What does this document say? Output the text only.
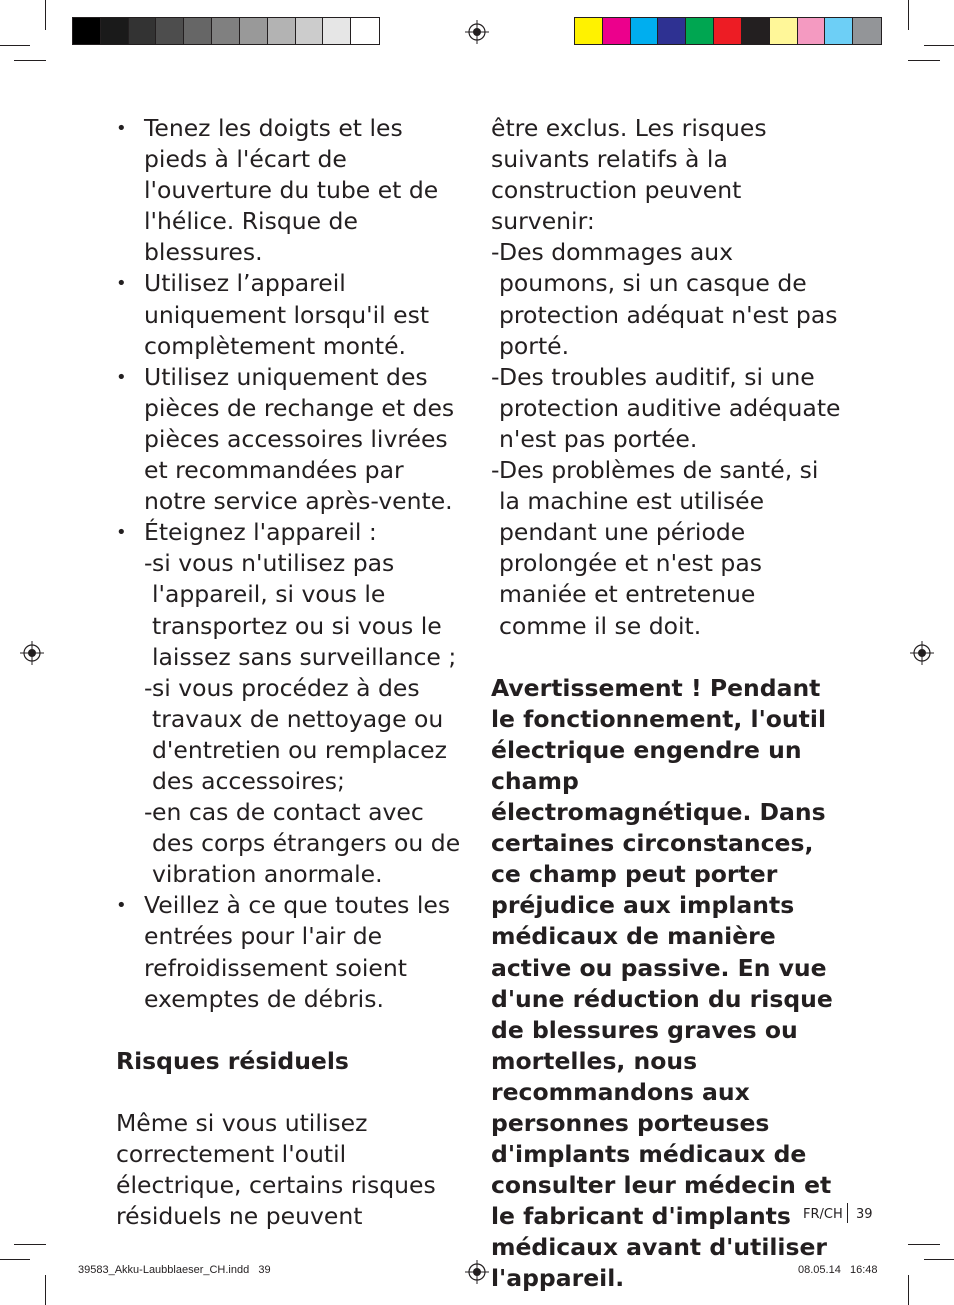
• Tenez les doigts et les pieds à l'écart de l'ouverture du tube et de l'hélice. Risque de blessures.
• Utilisez l’appareil uniquement lorsqu'il est complètement monté.
• Utilisez uniquement des pièces de rechange et des pièces accessoires livrées et recommandées par notre service après-vente.
• Éteignez l'appareil :
- si vous n'utilisez pas l'appareil, si vous le transportez ou si vous le laissez sans surveillance ;
- si vous procédez à des travaux de nettoyage ou d'entretien ou remplacez des accessoires;
- en cas de contact avec des corps étrangers ou de vibration anormale.
• Veillez à ce que toutes les entrées pour l'air de refroidissement soient exemptes de débris.
Risques résiduels
Même si vous utilisez correctement l'outil électrique, certains risques résiduels ne peuvent
être exclus. Les risques suivants relatifs à la construction peuvent survenir:
- Des dommages aux poumons, si un casque de protection adéquat n'est pas porté.
- Des troubles auditif, si une protection auditive adéquate n'est pas portée.
- Des problèmes de santé, si la machine est utilisée pendant une période prolongée et n'est pas maniée et entretenue comme il se doit.
Avertissement ! Pendant le fonctionnement, l'outil électrique engendre un champ électromagnétique. Dans certaines circonstances, ce champ peut porter préjudice aux implants médicaux de manière active ou passive. En vue d'une réduction du risque de blessures graves ou mortelles, nous recommandons aux personnes porteuses d'implants médicaux de consulter leur médecin et le fabricant d'implants médicaux avant d'utiliser l'appareil.
FR/CH 39
39583_Akku-Laubblaeser_CH.indd   39	08.05.14   16:48
